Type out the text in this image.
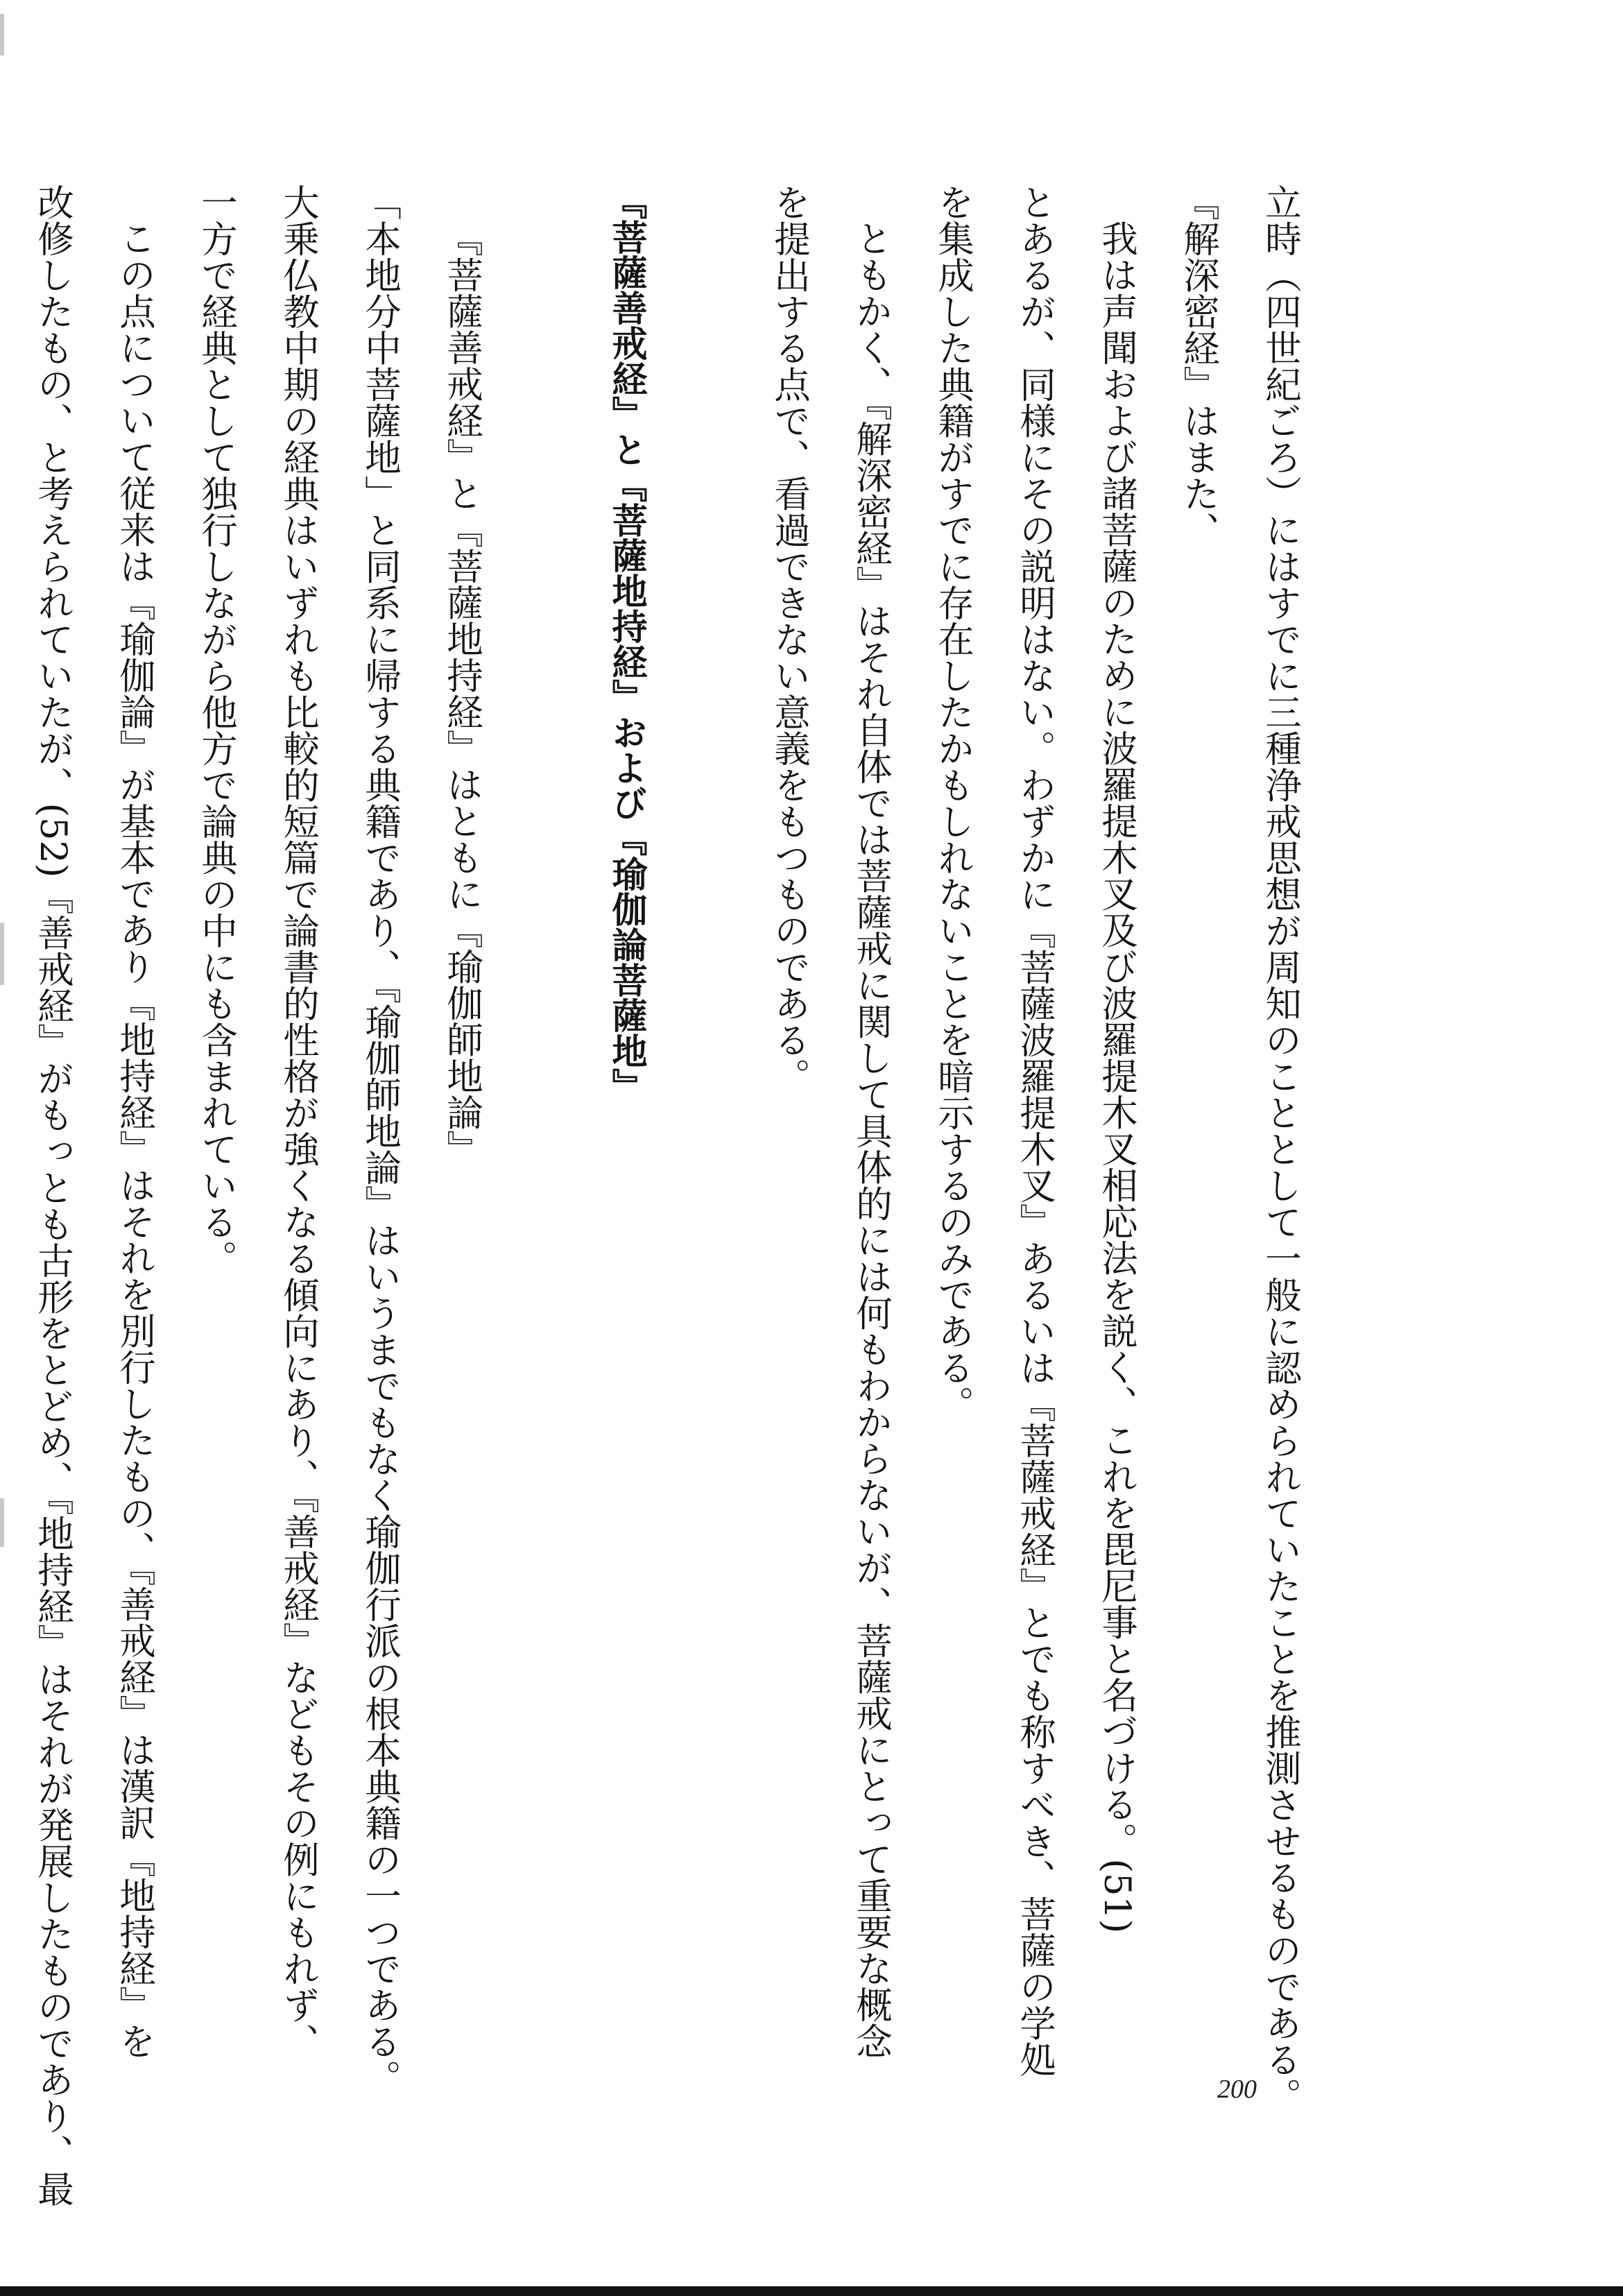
立時（四世紀ごろ）にはすでに三種浄戒思想が周知のこととして一般に認められていたことを推測させるものである。
『解深密経』はまた、
我は声聞および諸菩薩のために波羅提木叉及び波羅提木叉相応法を説く、これを毘尼事と名づける。(51)
とあるが、同様にその説明はない。わずかに『菩薩波羅提木叉』あるいは『菩薩戒経』とでも称すべき、菩薩の学処
を集成した典籍がすでに存在したかもしれないことを暗示するのみである。
ともかく、『解深密経』はそれ自体では菩薩戒に関して具体的には何もわからないが、菩薩戒にとって重要な概念
を提出する点で、看過できない意義をもつものである。
『菩薩善戒経』と『菩薩地持経』および『瑜伽論菩薩地』
『菩薩善戒経』と『菩薩地持経』はともに『瑜伽師地論』
「本地分中菩薩地」と同系に帰する典籍であり、『瑜伽師地論』はいうまでもなく瑜伽行派の根本典籍の一つである。
大乗仏教中期の経典はいずれも比較的短篇で論書的性格が強くなる傾向にあり、『善戒経』などもその例にもれず、
一方で経典として独行しながら他方で論典の中にも含まれている。
この点について従来は『瑜伽論』が基本であり『地持経』はそれを別行したもの、『善戒経』は漢訳『地持経』を
改修したもの、と考えられていたが、(52)『善戒経』がもっとも古形をとどめ、『地持経』はそれが発展したものであり、最	200
